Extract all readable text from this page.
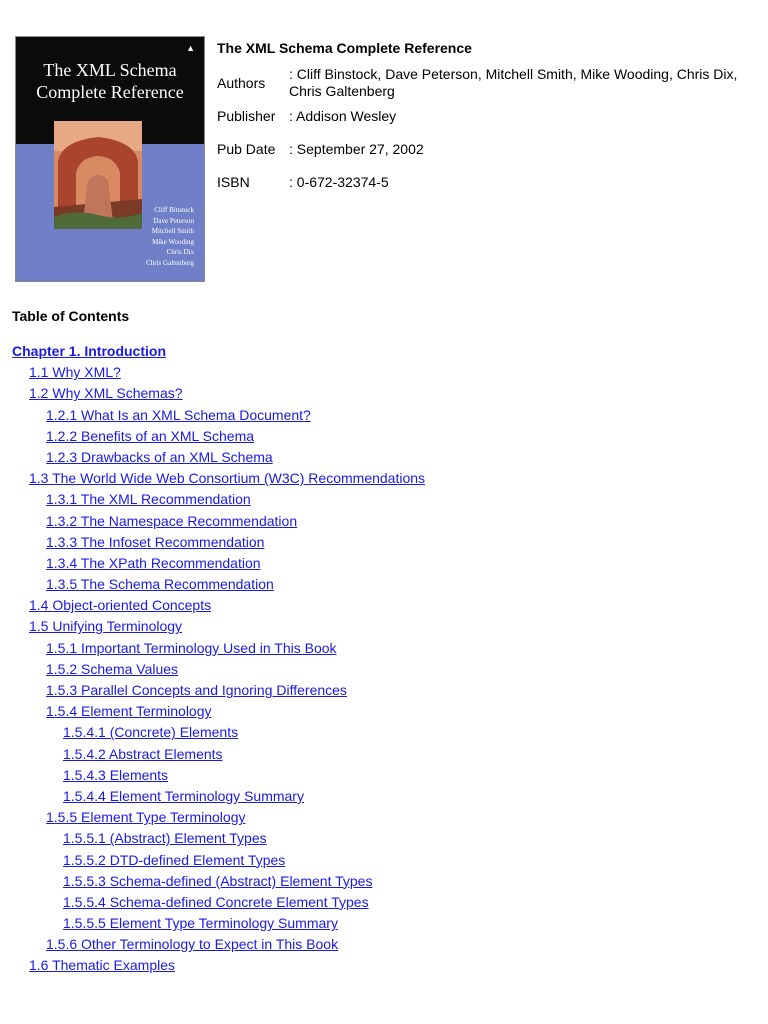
▲
The XML Schema
Complete Reference
Cliff Binstock
Dave Peterson
Mitchell Smith
Mike Wooding
Chris Dix
Chris Galtenberg
The XML Schema Complete Reference
Authors	: Cliff Binstock, Dave Peterson, Mitchell Smith, Mike Wooding, Chris Dix, Chris Galtenberg
Publisher	: Addison Wesley
Pub Date	: September 27, 2002
ISBN	: 0-672-32374-5
Table of Contents
Chapter 1. Introduction
1.1 Why XML?
1.2 Why XML Schemas?
1.2.1 What Is an XML Schema Document?
1.2.2 Benefits of an XML Schema
1.2.3 Drawbacks of an XML Schema
1.3 The World Wide Web Consortium (W3C) Recommendations
1.3.1 The XML Recommendation
1.3.2 The Namespace Recommendation
1.3.3 The Infoset Recommendation
1.3.4 The XPath Recommendation
1.3.5 The Schema Recommendation
1.4 Object-oriented Concepts
1.5 Unifying Terminology
1.5.1 Important Terminology Used in This Book
1.5.2 Schema Values
1.5.3 Parallel Concepts and Ignoring Differences
1.5.4 Element Terminology
1.5.4.1 (Concrete) Elements
1.5.4.2 Abstract Elements
1.5.4.3 Elements
1.5.4.4 Element Terminology Summary
1.5.5 Element Type Terminology
1.5.5.1 (Abstract) Element Types
1.5.5.2 DTD-defined Element Types
1.5.5.3 Schema-defined (Abstract) Element Types
1.5.5.4 Schema-defined Concrete Element Types
1.5.5.5 Element Type Terminology Summary
1.5.6 Other Terminology to Expect in This Book
1.6 Thematic Examples
